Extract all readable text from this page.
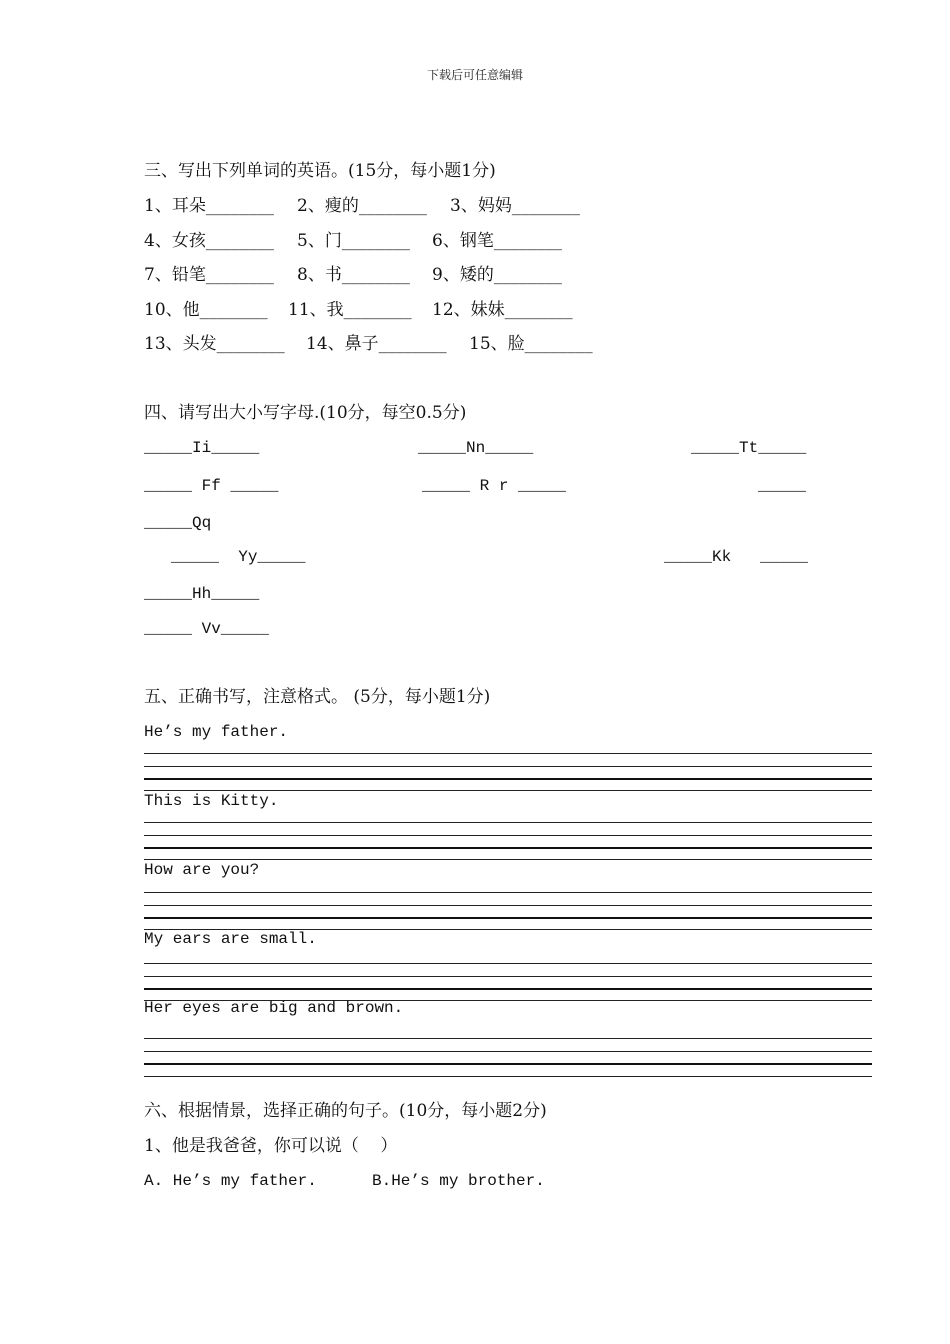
下载后可任意编辑
三、写出下列单词的英语。(15分，每小题1分)
1、耳朵________ 2、瘦的________ 3、妈妈________
4、女孩________ 5、门________ 6、钢笔________
7、铅笔________ 8、书________ 9、矮的________
10、他________ 11、我________ 12、妹妹________
13、头发________ 14、鼻子________ 15、脸________
四、请写出大小写字母.(10分，每空0.5分)
_____Ii_____	_____Nn_____	_____Tt_____
_____ Ff _____	_____ R r _____	_____
_____Qq
_____  Yy_____	_____Kk   _____
_____Hh_____
_____ Vv_____
五、正确书写，注意格式。 (5分，每小题1分)
He’s my father.
This is Kitty.
How are you?
My ears are small.
Her eyes are big and brown.
六、根据情景，选择正确的句子。(10分，每小题2分)
1、他是我爸爸，你可以说（    ）
A. He’s my father.	B.He’s my brother.
